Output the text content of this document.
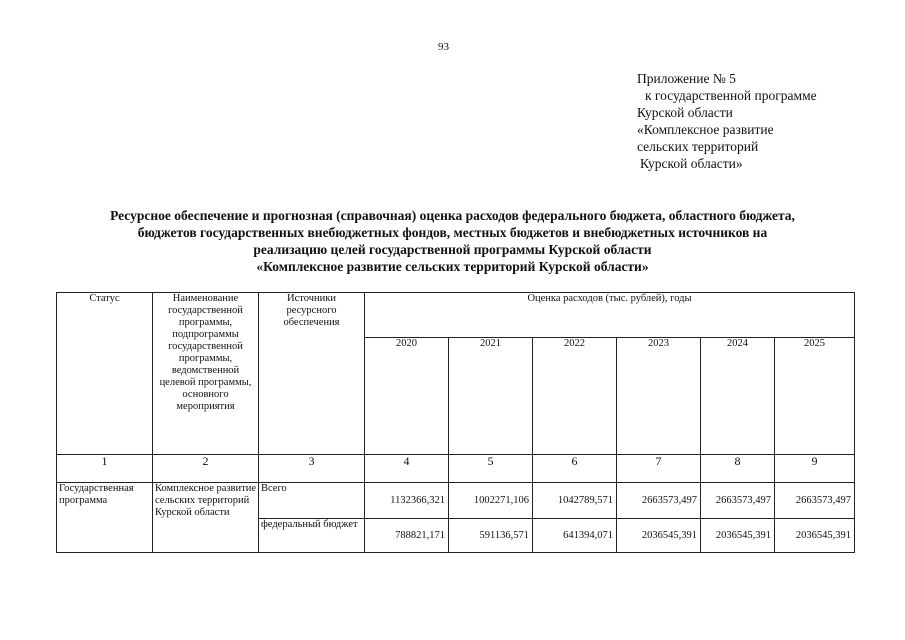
93
Приложение № 5
к государственной программе
Курской области
«Комплексное развитие
сельских территорий
Курской области»
Ресурсное обеспечение и прогнозная (справочная) оценка расходов федерального бюджета, областного бюджета,
бюджетов государственных внебюджетных фондов, местных бюджетов и внебюджетных источников на
реализацию целей государственной программы Курской области
«Комплексное развитие сельских территорий Курской области»
Статус	Наименование государственной программы, подпрограммы государственной программы, ведомственной целевой программы, основного мероприятия	Источники ресурсного обеспечения	Оценка расходов (тыс. рублей), годы					
			2020	2021	2022	2023	2024	2025
1	2	3	4	5	6	7	8	9
Государственная программа	Комплексное развитие сельских территорий Курской области	Всего	1132366,321	1002271,106	1042789,571	2663573,497	2663573,497	2663573,497
		федеральный бюджет	788821,171	591136,571	641394,071	2036545,391	2036545,391	2036545,391
